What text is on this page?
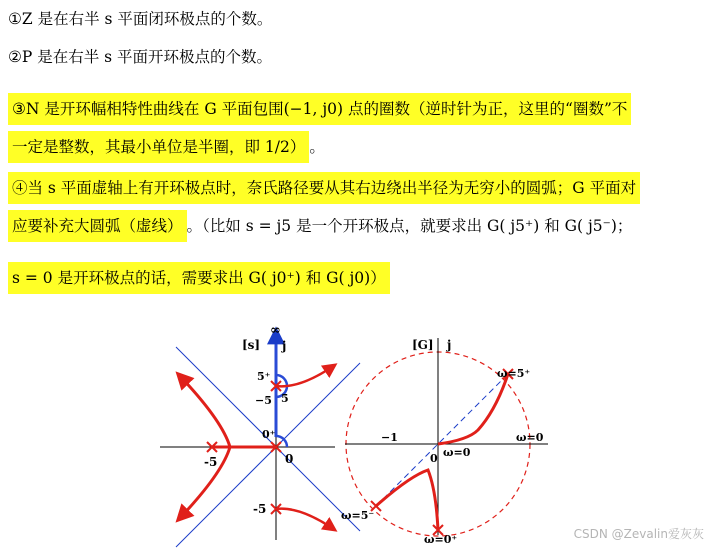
①Z 是在右半 s 平面闭环极点的个数。
②P 是在右半 s 平面开环极点的个数。
③N 是开环幅相特性曲线在 G 平面包围(−1, j0) 点的圈数（逆时针为正，这里的“圈数”不
一定是整数，其最小单位是半圈，即 1/2） 。
④当 s 平面虚轴上有开环极点时，奈氏路径要从其右边绕出半径为无穷小的圆弧；G 平面对
应要补充大圆弧（虚线） 。（比如 s = j5 是一个开环极点，就要求出 G( j5⁺) 和 G( j5⁻)；
s = 0 是开环极点的话，需要求出 G( j0⁺) 和 G( j0)）
[s] j
∞
5⁺
−5 5
0⁺
-5	0
-5
[G] j
−1
ω=5⁺
ω=0
ω=0
0
ω=5⁻
ω=0⁺	CSDN @Zevalin爱灰灰
